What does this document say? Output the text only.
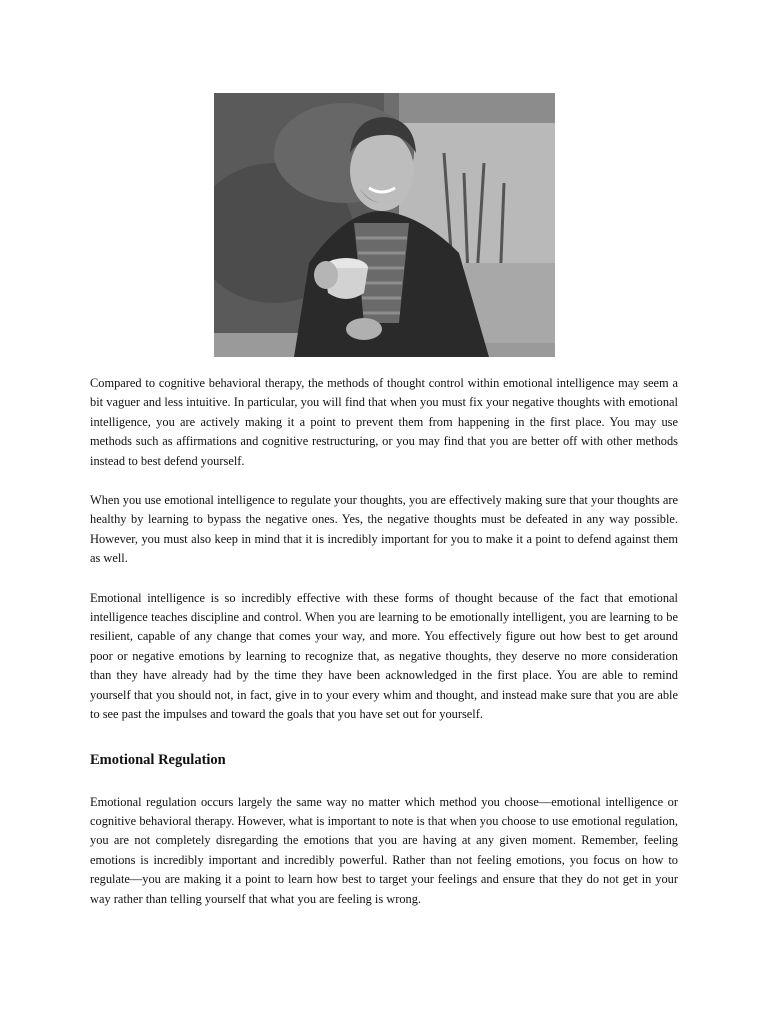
Compared to cognitive behavioral therapy, the methods of thought control within emotional intelligence may seem a bit vaguer and less intuitive. In particular, you will find that when you must fix your negative thoughts with emotional intelligence, you are actively making it a point to prevent them from happening in the first place. You may use methods such as affirmations and cognitive restructuring, or you may find that you are better off with other methods instead to best defend yourself.

When you use emotional intelligence to regulate your thoughts, you are effectively making sure that your thoughts are healthy by learning to bypass the negative ones. Yes, the negative thoughts must be defeated in any way possible. However, you must also keep in mind that it is incredibly important for you to make it a point to defend against them as well.

Emotional intelligence is so incredibly effective with these forms of thought because of the fact that emotional intelligence teaches discipline and control. When you are learning to be emotionally intelligent, you are learning to be resilient, capable of any change that comes your way, and more. You effectively figure out how best to get around poor or negative emotions by learning to recognize that, as negative thoughts, they deserve no more consideration than they have already had by the time they have been acknowledged in the first place. You are able to remind yourself that you should not, in fact, give in to your every whim and thought, and instead make sure that you are able to see past the impulses and toward the goals that you have set out for yourself.

Emotional Regulation

Emotional regulation occurs largely the same way no matter which method you choose—emotional intelligence or cognitive behavioral therapy. However, what is important to note is that when you choose to use emotional regulation, you are not completely disregarding the emotions that you are having at any given moment. Remember, feeling emotions is incredibly important and incredibly powerful. Rather than not feeling emotions, you focus on how to regulate—you are making it a point to learn how best to target your feelings and ensure that they do not get in your way rather than telling yourself that what you are feeling is wrong.
